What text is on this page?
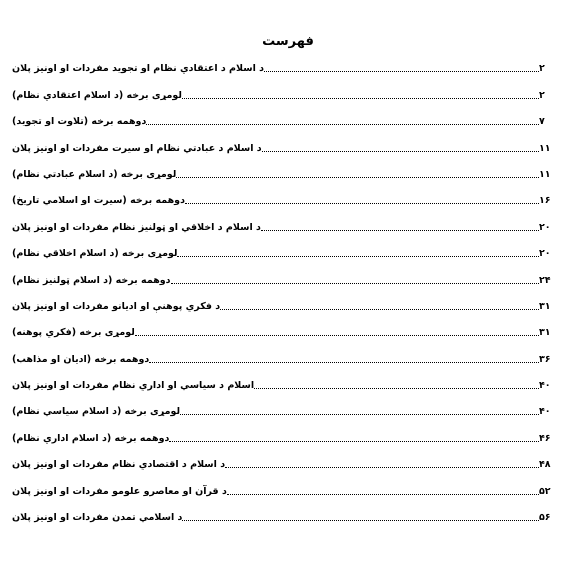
فهرست
د اسلام د اعتقادي نظام او تجوید مفردات او اونیز پلان	۲
لومړی برخه (د اسلام اعتقادي نظام)	۲
دوهمه برخه (تلاوت او تجوید)	۷
د اسلام د عبادتي نظام او سیرت مفردات او اونیز پلان	۱۱
لومړی برخه (د اسلام عبادتي نظام)	۱۱
دوهمه برخه (سیرت او اسلامي تاریخ)	۱۶
د اسلام د اخلاقي او ټولنیز نظام مفردات او اونیز پلان	۲۰
لومړی برخه (د اسلام اخلاقي نظام)	۲۰
دوهمه برخه (د اسلام ټولنیز نظام)	۲۴
د فکري پوهنې او ادیانو مفردات او اونیز پلان	۳۱
لومړی برخه (فکري پوهنه)	۳۱
دوهمه برخه (ادیان او مذاهب)	۳۶
اسلام د سیاسي او اداري نظام مفردات او اونیز پلان	۴۰
لومړی برخه (د اسلام سیاسي نظام)	۴۰
دوهمه برخه (د اسلام اداري نظام)	۴۶
د اسلام د اقتصادي نظام مفردات او اونیز پلان	۴۸
د قرآن او معاصرو علومو مفردات او اونیز پلان	۵۲
د اسلامي تمدن مفردات او اونیز پلان	۵۶
